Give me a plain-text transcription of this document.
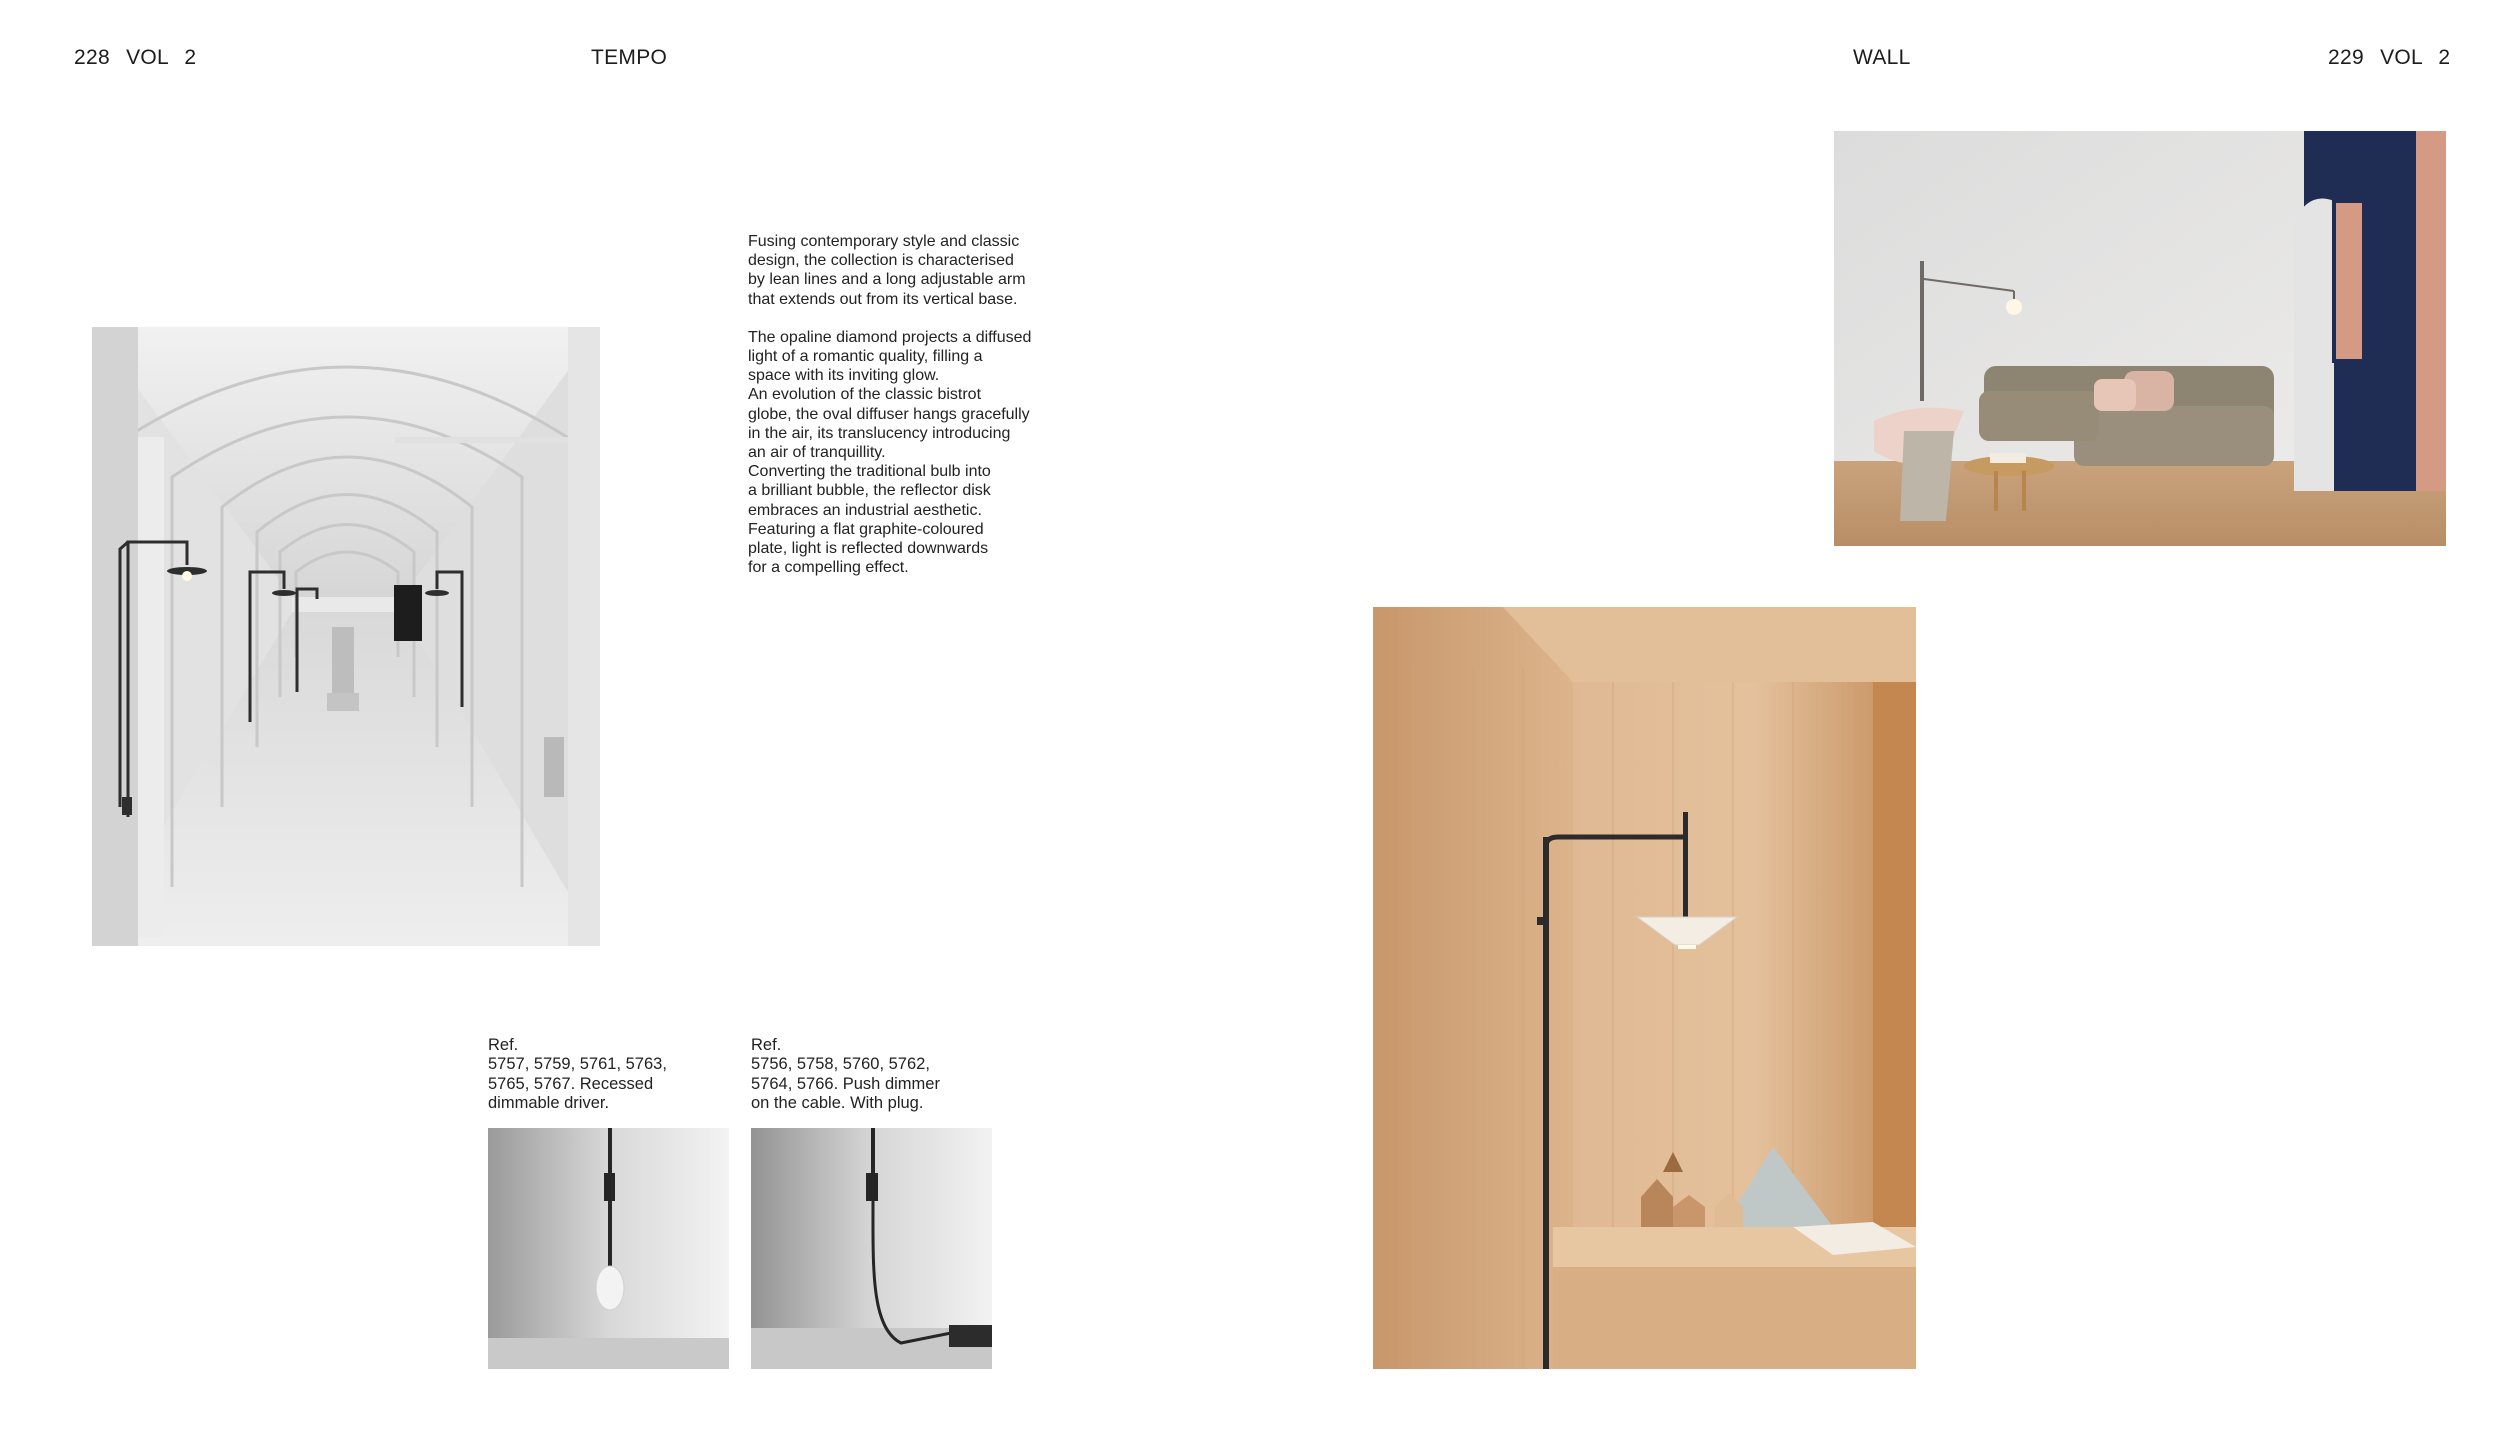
228 VOL 2	TEMPO	WALL	229 VOL 2

Fusing contemporary style and classic
design, the collection is characterised
by lean lines and a long adjustable arm
that extends out from its vertical base.

The opaline diamond projects a diffused
light of a romantic quality, filling a
space with its inviting glow.
An evolution of the classic bistrot
globe, the oval diffuser hangs gracefully
in the air, its translucency introducing
an air of tranquillity.
Converting the traditional bulb into
a brilliant bubble, the reflector disk
embraces an industrial aesthetic.
Featuring a flat graphite-coloured
plate, light is reflected downwards
for a compelling effect.

Ref.
5757, 5759, 5761, 5763,
5765, 5767. Recessed
dimmable driver.
Ref.
5756, 5758, 5760, 5762,
5764, 5766. Push dimmer
on the cable. With plug.
